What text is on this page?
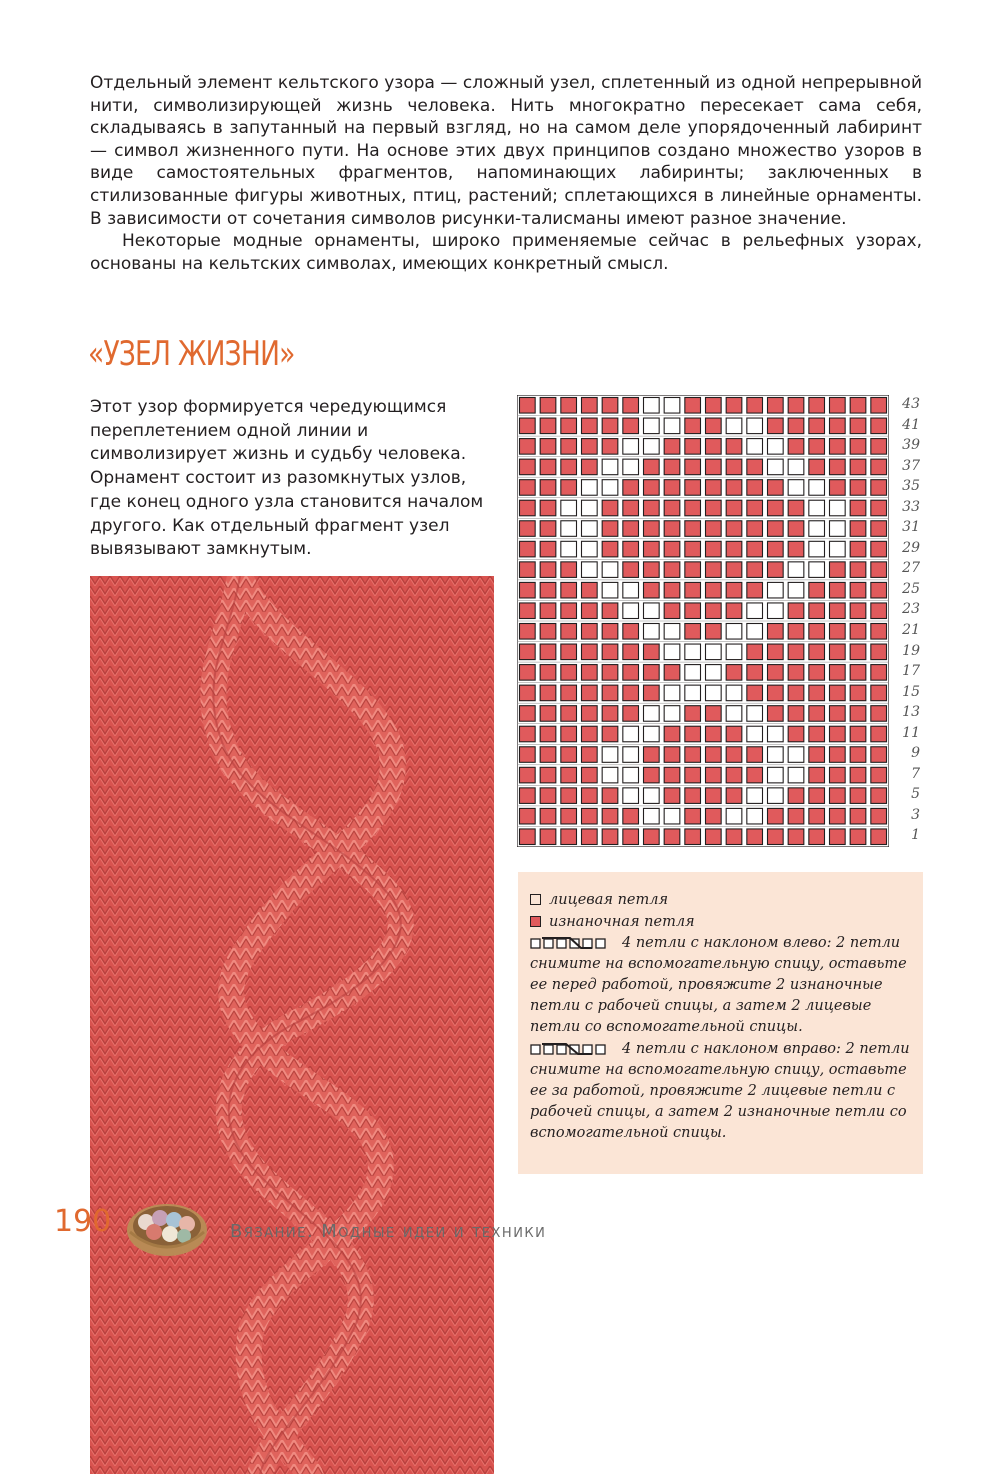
Отдельный элемент кельтского узора — сложный узел, сплетенный из одной непрерывной нити, символизирующей жизнь человека. Нить многократно пересекает сама себя, складываясь в запутанный на первый взгляд, но на самом деле упорядоченный лабиринт — символ жизненного пути. На основе этих двух принципов создано множество узоров в виде самостоятельных фрагментов, напоминающих лабиринты; заключенных в стилизованные фигуры животных, птиц, растений; сплетающихся в линейные орнаменты. В зависимости от сочетания символов рисунки-талисманы имеют разное значение.

Некоторые модные орнаменты, широко применяемые сейчас в рельефных узорах, основаны на кельтских символах, имеющих конкретный смысл.

«УЗЕЛ ЖИЗНИ»

Этот узор формируется чередующимся переплетением одной линии и символизирует жизнь и судьбу человека. Орнамент состоит из разомкнутых узлов, где конец одного узла становится началом другого. Как отдельный фрагмент узел вывязывают замкнутым.

43
41
39
37
35
33
31
29
27
25
23
21
19
17
15
13
11
9
7
5
3
1
лицевая петля
изнаночная петля
4 петли с наклоном влево: 2 петли снимите на вспомогательную спицу, оставьте ее перед работой, провяжите 2 изнаночные петли с рабочей спицы, а затем 2 лицевые петли со вспомогательной спицы.
4 петли с наклоном вправо: 2 петли снимите на вспомогательную спицу, оставьте ее за работой, провяжите 2 лицевые петли с рабочей спицы, а затем 2 изнаночные петли со вспомогательной спицы.
190	Вязание. Модные идеи и техники
